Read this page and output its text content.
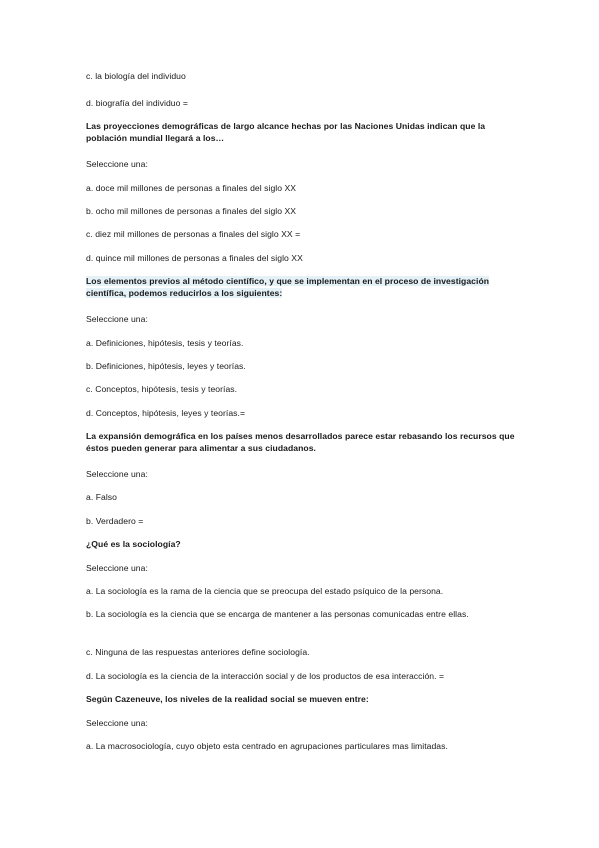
c. la biología del individuo
d. biografía del individuo =
Las proyecciones demográficas de largo alcance hechas por las Naciones Unidas indican que la población mundial llegará a los…
Seleccione una:
a. doce mil millones de personas a finales del siglo XX
b. ocho mil millones de personas a finales del siglo XX
c. diez mil millones de personas a finales del siglo XX =
d. quince mil millones de personas a finales del siglo XX
Los elementos previos al método científico, y que se implementan en el proceso de investigación científica, podemos reducirlos a los siguientes:
Seleccione una:
a. Definiciones, hipótesis, tesis y teorías.
b. Definiciones, hipótesis, leyes y teorías.
c. Conceptos, hipótesis, tesis y teorías.
d. Conceptos, hipótesis, leyes y teorías.=
La expansión demográfica en los países menos desarrollados parece estar rebasando los recursos que éstos pueden generar para alimentar a sus ciudadanos.
Seleccione una:
a. Falso
b. Verdadero =
¿Qué es la sociología?
Seleccione una:
a. La sociología es la rama de la ciencia que se preocupa del estado psíquico de la persona.
b. La sociología es la ciencia que se encarga de mantener a las personas comunicadas entre ellas.
c. Ninguna de las respuestas anteriores define sociología.
d. La sociología es la ciencia de la interacción social y de los productos de esa interacción. =
Según Cazeneuve, los niveles de la realidad social se mueven entre:
Seleccione una:
a. La macrosociología, cuyo objeto esta centrado en agrupaciones particulares mas limitadas.
